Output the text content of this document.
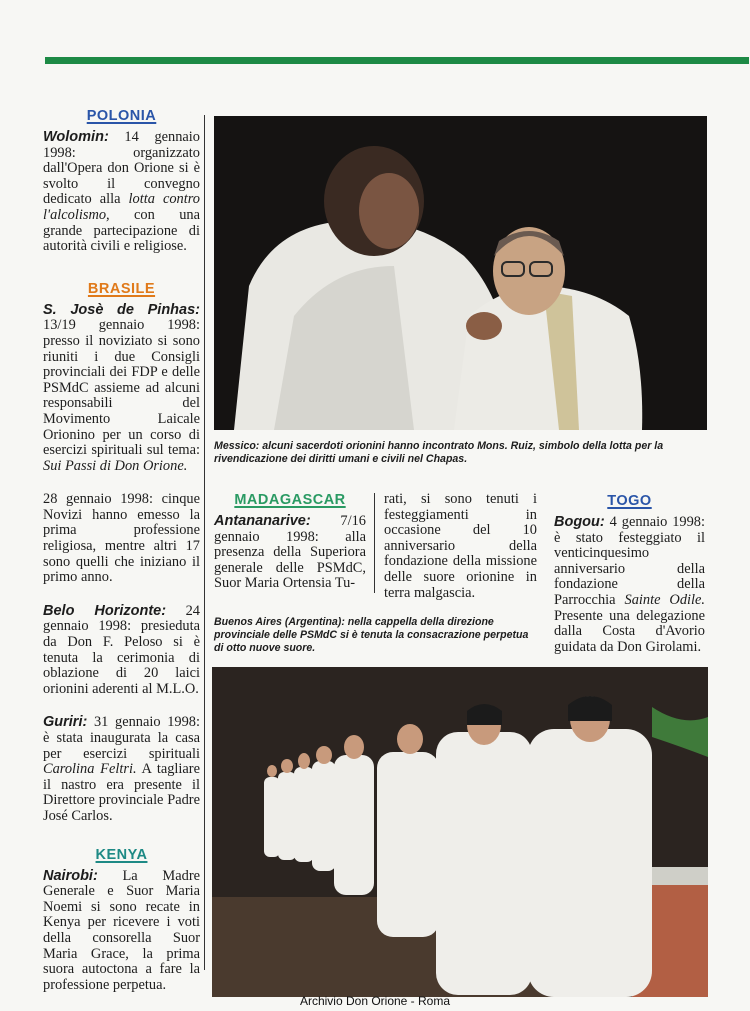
POLONIA

Wolomin: 14 gennaio 1998: organizzato dall'Opera don Orione si è svolto il convegno dedicato alla lotta contro l'alcolismo, con una grande partecipazione di autorità civili e religiose.

BRASILE

S. Josè de Pinhas: 13/19 gennaio 1998: presso il noviziato si sono riuniti i due Consigli provinciali dei FDP e delle PSMdC assieme ad alcuni responsabili del Movimento Laicale Orionino per un corso di esercizi spirituali sul tema: Sui Passi di Don Orione.

28 gennaio 1998: cinque Novizi hanno emesso la prima professione religiosa, mentre altri 17 sono quelli che iniziano il primo anno.

Belo Horizonte: 24 gennaio 1998: presieduta da Don F. Peloso si è tenuta la cerimonia di oblazione di 20 laici orionini aderenti al M.L.O.

Guriri: 31 gennaio 1998: è stata inaugurata la casa per esercizi spirituali Carolina Feltri. A tagliare il nastro era presente il Direttore provinciale Padre José Carlos.

KENYA

Nairobi: La Madre Generale e Suor Maria Noemi si sono recate in Kenya per ricevere i voti della consorella Suor Maria Grace, la prima suora autoctona a fare la professione perpetua.

Messico: alcuni sacerdoti orionini hanno incontrato Mons. Ruiz, simbolo della lotta per la rivendicazione dei diritti umani e civili nel Chapas.
MADAGASCAR

Antananarive: 7/16 gennaio 1998: alla presenza della Superiora generale delle PSMdC, Suor Maria Ortensia Tu-

rati, si sono tenuti i festeggiamenti in occasione del 10 anniversario della fondazione della missione delle suore orionine in terra malgascia.

TOGO

Bogou: 4 gennaio 1998: è stato festeggiato il venticinquesimo anniversario della fondazione della Parrocchia Sainte Odile. Presente una delegazione dalla Costa d'Avorio guidata da Don Girolami.

Buenos Aires (Argentina): nella cappella della direzione provinciale delle PSMdC si è tenuta la consacrazione perpetua di otto nuove suore.
Archivio Don Orione - Roma
